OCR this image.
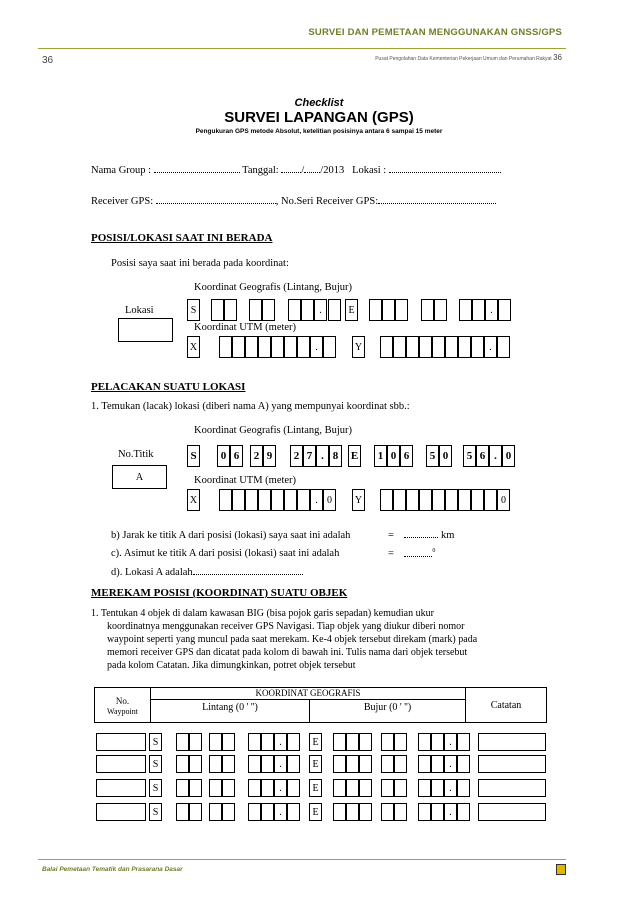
SURVEI DAN PEMETAAN MENGGUNAKAN GNSS/GPS
36	Pusat Pengolahan Data Kementerian Pekerjaan Umum dan Perumahan Rakyat 36
Checklist
SURVEI LAPANGAN (GPS)
Pengukuran GPS metode Absolut, ketelitian posisinya antara 6 sampai 15 meter
Nama Group :	Tanggal: / /2013 Lokasi :
Receiver GPS:	, No.Seri Receiver GPS:
POSISI/LOKASI SAAT INI BERADA
Posisi saya saat ini berada pada koordinat:
Koordinat Geografis (Lintang, Bujur)
Lokasi
Koordinat UTM (meter)
S	.	E	.
X	.	Y	.
PELACAKAN SUATU LOKASI
1. Temukan (lacak) lokasi (diberi nama A) yang mempunyai koordinat sbb.:
Koordinat Geografis (Lintang, Bujur)
No.Titik
A	Koordinat UTM (meter)
S	0 6	2 9	2 7 . 8	E	1 0 6	5 0	5 6 . 0
X	. 0	Y	0
b) Jarak ke titik A dari posisi (lokasi) saya saat ini adalah	=	km
c). Asimut ke titik A dari posisi (lokasi) saat ini adalah	=	$^0$
d). Lokasi A adalah
MEREKAM POSISI (KOORDINAT) SUATU OBJEK
1. Tentukan 4 objek di dalam kawasan BIG (bisa pojok garis sepadan) kemudian ukur
koordinatnya menggunakan receiver GPS Navigasi. Tiap objek yang diukur diberi nomor
waypoint seperti yang muncul pada saat merekam. Ke-4 objek tersebut direkam (mark) pada
memori receiver GPS dan dicatat pada kolom di bawah ini. Tulis nama dari objek tersebut
pada kolom Catatan. Jika dimungkinkan, potret objek tersebut
No.
Waypoint
KOORDINAT GEOGRAFIS
Lintang (0 ' '')	Bujur (0 ' '')	Catatan
S	.	E	.
S	.	E	.
S	.	E	.
S	.	E	.
Balai Pemetaan Tematik dan Prasarana Dasar
